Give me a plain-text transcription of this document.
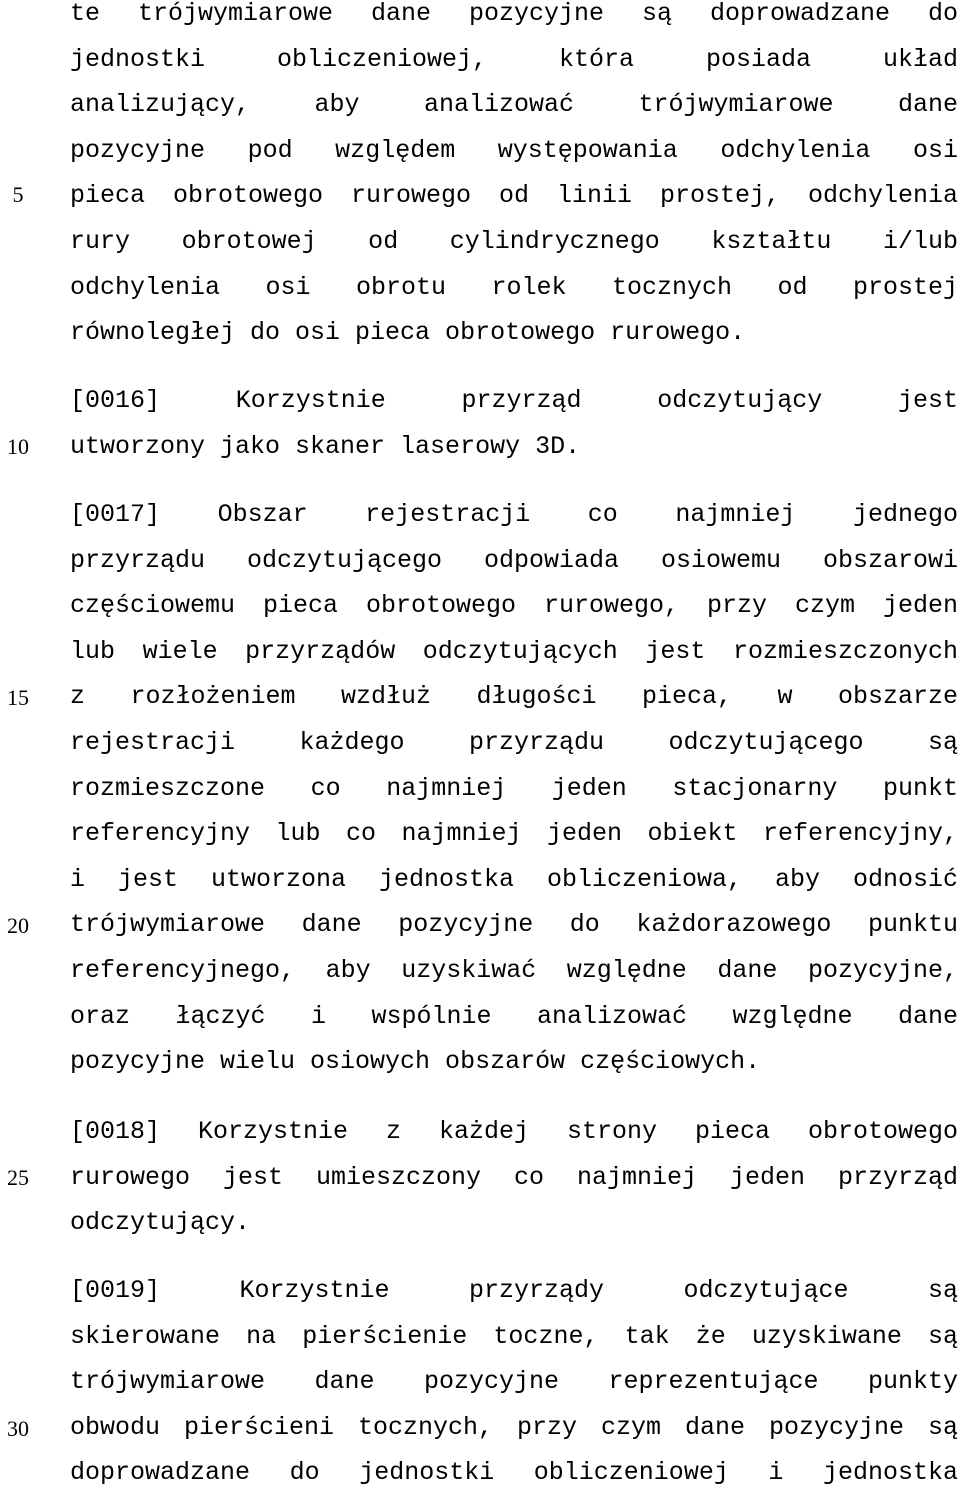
5
10
15
20
25
30
te trójwymiarowe dane pozycyjne są doprowadzane do
jednostki obliczeniowej, która posiada układ
analizujący, aby analizować trójwymiarowe dane
pozycyjne pod względem występowania odchylenia osi
pieca obrotowego rurowego od linii prostej, odchylenia
rury obrotowej od cylindrycznego kształtu i/lub
odchylenia osi obrotu rolek tocznych od prostej
równoległej do osi pieca obrotowego rurowego.
[0016] Korzystnie przyrząd odczytujący jest
utworzony jako skaner laserowy 3D.
[0017] Obszar rejestracji co najmniej jednego
przyrządu odczytującego odpowiada osiowemu obszarowi
częściowemu pieca obrotowego rurowego, przy czym jeden
lub wiele przyrządów odczytujących jest rozmieszczonych
z rozłożeniem wzdłuż długości pieca, w obszarze
rejestracji każdego przyrządu odczytującego są
rozmieszczone co najmniej jeden stacjonarny punkt
referencyjny lub co najmniej jeden obiekt referencyjny,
i jest utworzona jednostka obliczeniowa, aby odnosić
trójwymiarowe dane pozycyjne do każdorazowego punktu
referencyjnego, aby uzyskiwać względne dane pozycyjne,
oraz łączyć i wspólnie analizować względne dane
pozycyjne wielu osiowych obszarów częściowych.
[0018] Korzystnie z każdej strony pieca obrotowego
rurowego jest umieszczony co najmniej jeden przyrząd
odczytujący.
[0019] Korzystnie przyrządy odczytujące są
skierowane na pierścienie toczne, tak że uzyskiwane są
trójwymiarowe dane pozycyjne reprezentujące punkty
obwodu pierścieni tocznych, przy czym dane pozycyjne są
doprowadzane do jednostki obliczeniowej i jednostka
